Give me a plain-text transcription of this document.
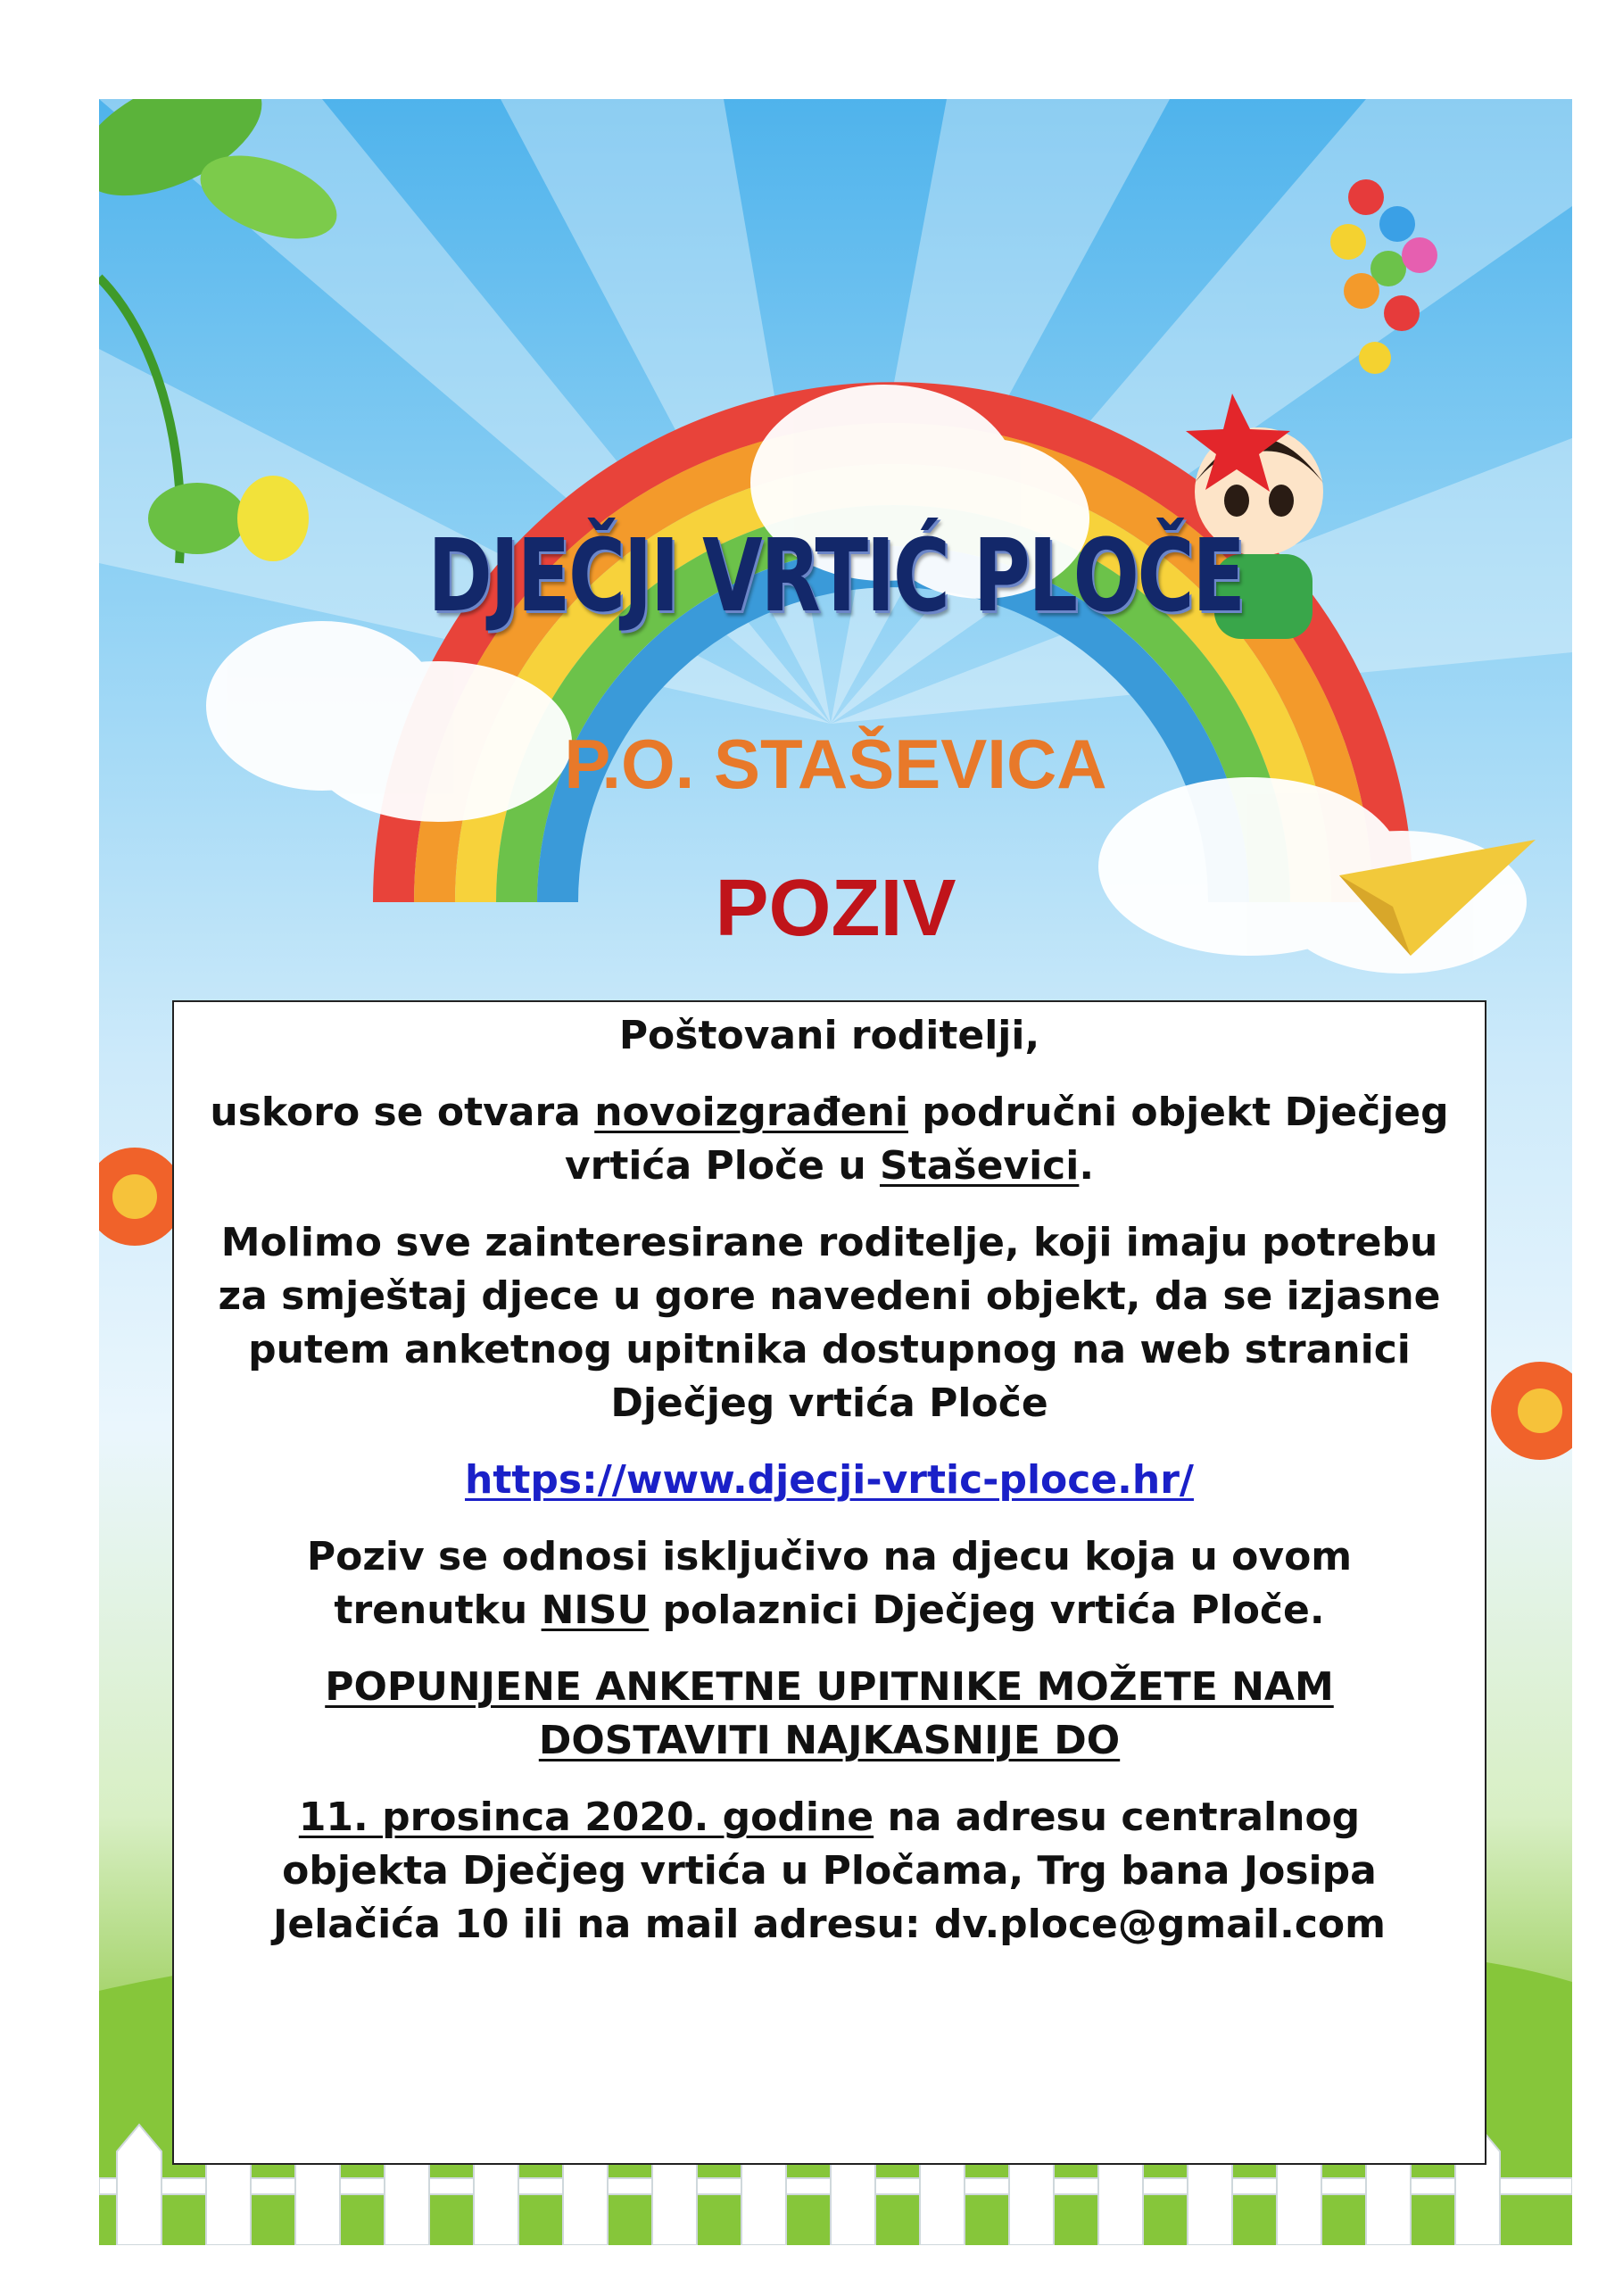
DJEČJI VRTIĆ PLOČE
P.O. STAŠEVICA
POZIV

Poštovani roditelji,

uskoro se otvara novoizgrađeni područni objekt Dječjeg vrtića Ploče u Staševici.

Molimo sve zainteresirane roditelje, koji imaju potrebu za smještaj djece u gore navedeni objekt, da se izjasne putem anketnog upitnika dostupnog na web stranici Dječjeg vrtića Ploče

https://www.djecji-vrtic-ploce.hr/

Poziv se odnosi isključivo na djecu koja u ovom trenutku NISU polaznici Dječjeg vrtića Ploče.

POPUNJENE ANKETNE UPITNIKE MOŽETE NAM DOSTAVITI NAJKASNIJE DO

11. prosinca 2020. godine na adresu centralnog objekta Dječjeg vrtića u Pločama, Trg bana Josipa Jelačića 10 ili na mail adresu: dv.ploce@gmail.com
